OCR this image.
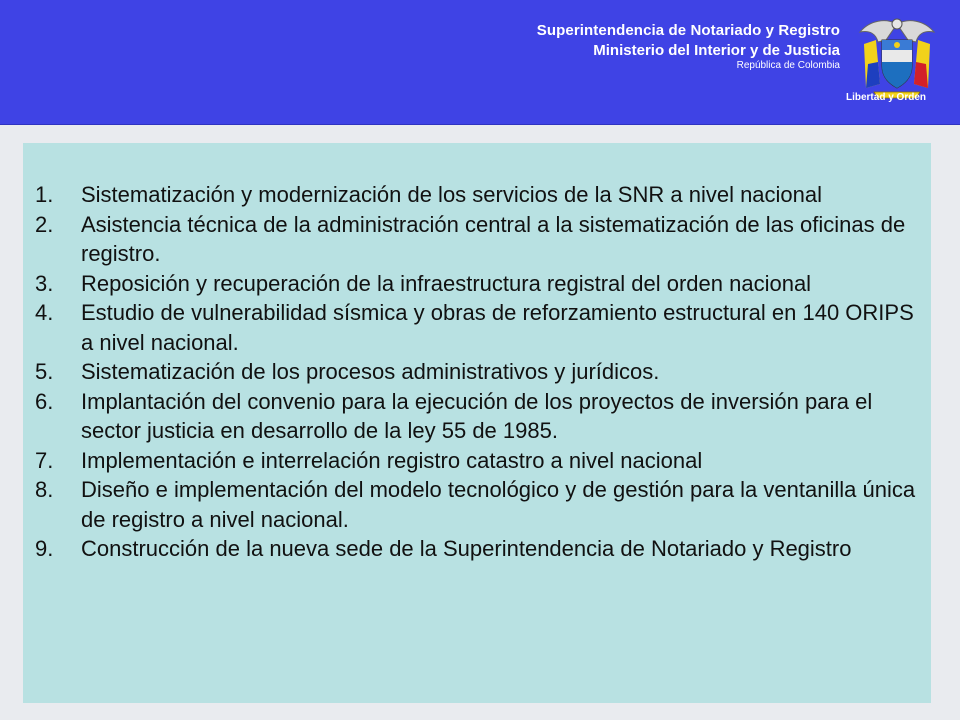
Superintendencia de Notariado y Registro
Ministerio del Interior y de Justicia
República de Colombia
Libertad y Orden
1.	Sistematización y modernización de los servicios de la SNR a nivel nacional
2.	Asistencia técnica de la administración central a la sistematización de las oficinas de registro.
3.	Reposición y recuperación de la infraestructura registral del orden nacional
4.	Estudio de vulnerabilidad sísmica y obras de reforzamiento estructural en 140 ORIPS a nivel nacional.
5.	Sistematización de los procesos administrativos y jurídicos.
6.	Implantación del convenio para la ejecución de los proyectos de inversión para el sector justicia en desarrollo de la ley 55 de 1985.
7.	Implementación e interrelación registro catastro a nivel nacional
8.	Diseño e implementación del modelo tecnológico y de gestión para la ventanilla única de registro a nivel nacional.
9.	Construcción de la nueva sede de la Superintendencia de Notariado y Registro
